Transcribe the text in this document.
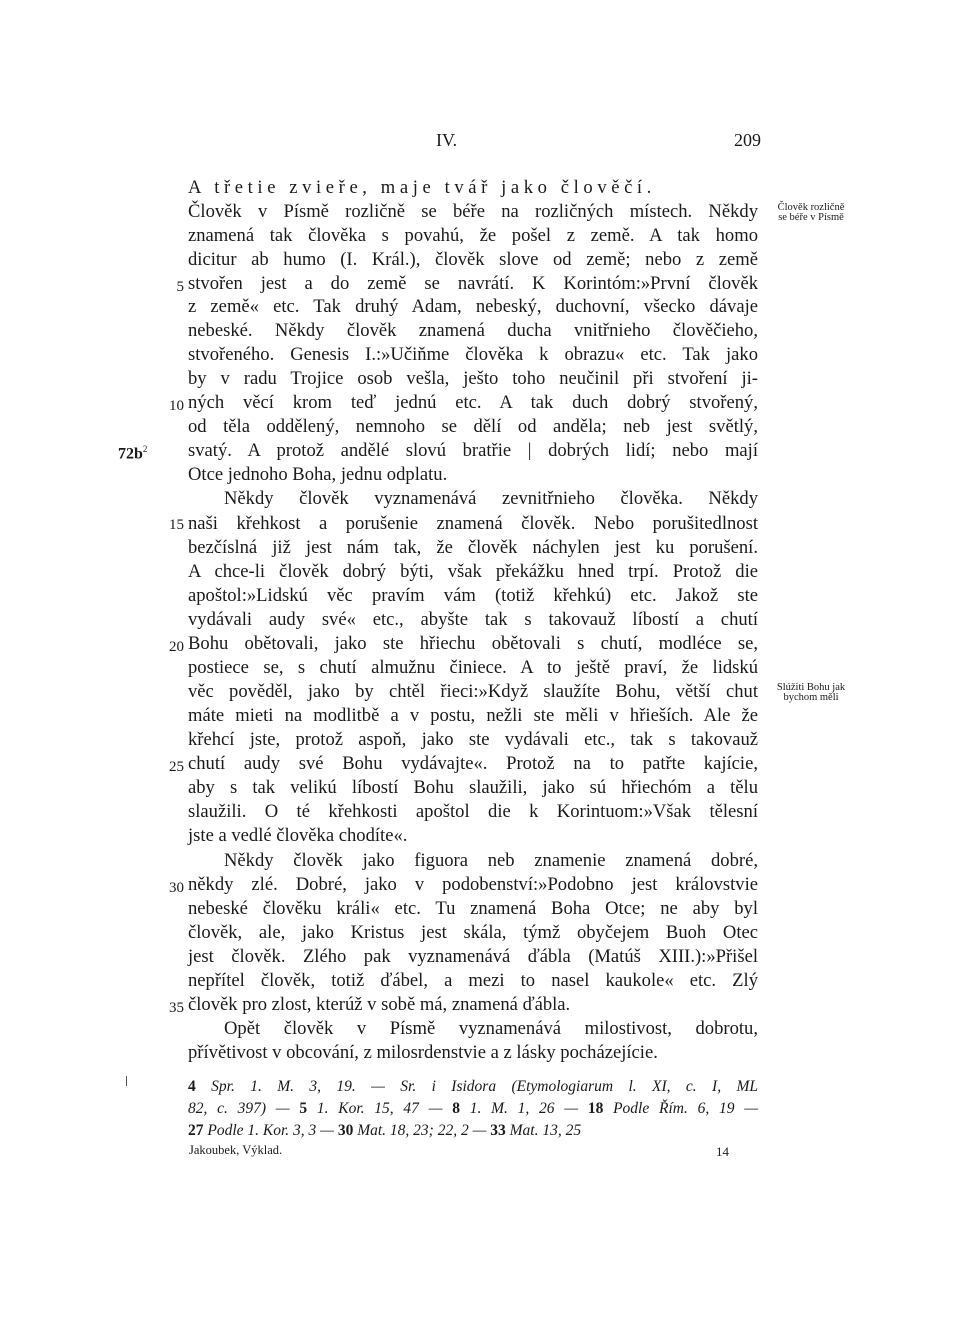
IV.	209
A třetie zvieře, maje tvář jako člověčí.
Člověk v Písmě rozličně se béře na rozličných místech. Někdy
znamená tak člověka s povahú, že pošel z země. A tak homo
dicitur ab humo (I. Král.), člověk slove od země; nebo z země
stvořen jest a do země se navrátí. K Korintóm:»První člověk
z země« etc. Tak druhý Adam, nebeský, duchovní, všecko dávaje
nebeské. Někdy člověk znamená ducha vnitřnieho člověčieho,
stvořeného. Genesis I.:»Učiňme člověka k obrazu« etc. Tak jako
by v radu Trojice osob vešla, ješto toho neučinil při stvoření ji-
ných věcí krom teď jednú etc. A tak duch dobrý stvořený,
od těla oddělený, nemnoho se dělí od anděla; neb jest světlý,
svatý. A protož andělé slovú bratřie | dobrých lidí; nebo mají
Otce jednoho Boha, jednu odplatu.
Někdy člověk vyznamenává zevnitřnieho člověka. Někdy
naši křehkost a porušenie znamená člověk. Nebo porušitedlnost
bezčíslná již jest nám tak, že člověk náchylen jest ku porušení.
A chce-li člověk dobrý býti, však překážku hned trpí. Protož die
apoštol:»Lidskú věc pravím vám (totiž křehkú) etc. Jakož ste
vydávali audy své« etc., abyšte tak s takovauž líbostí a chutí
Bohu obětovali, jako ste hřiechu obětovali s chutí, modléce se,
postiece se, s chutí almužnu činiece. A to ještě praví, že lidskú
věc pověděl, jako by chtěl řieci:»Když slaužíte Bohu, větší chut
máte mieti na modlitbě a v postu, nežli ste měli v hřieších. Ale že
křehcí jste, protož aspoň, jako ste vydávali etc., tak s takovauž
chutí audy své Bohu vydávajte«. Protož na to patřte kajície,
aby s tak velikú líbostí Bohu slaužili, jako sú hřiechóm a tělu
slaužili. O té křehkosti apoštol die k Korintuom:»Však tělesní
jste a vedlé člověka chodíte«.
Někdy člověk jako figuora neb znamenie znamená dobré,
někdy zlé. Dobré, jako v podobenství:»Podobno jest královstvie
nebeské člověku králi« etc. Tu znamená Boha Otce; ne aby byl
člověk, ale, jako Kristus jest skála, týmž obyčejem Buoh Otec
jest člověk. Zlého pak vyznamenává ďábla (Matúš XIII.):»Přišel
nepřítel člověk, totiž ďábel, a mezi to nasel kaukole« etc. Zlý
člověk pro zlost, kterúž v sobě má, znamená ďábla.
Opět člověk v Písmě vyznamenává milostivost, dobrotu,
přívětivost v obcování, z milosrdenstvie a z lásky pocházejície.
5
10
15
20
25
30
35
Člověk rozličně
se béře v Písmě
Slúžiti Bohu jak
bychom měli
$72b^2$
4 Spr. 1. M. 3, 19. — Sr. i Isidora (Etymologiarum l. XI, c. I, ML
82, c. 397) — 5 1. Kor. 15, 47 — 8 1. M. 1, 26 — 18 Podle Řím. 6, 19 —
27 Podle 1. Kor. 3, 3 — 30 Mat. 18, 23; 22, 2 — 33 Mat. 13, 25
Jakoubek, Výklad.	14
